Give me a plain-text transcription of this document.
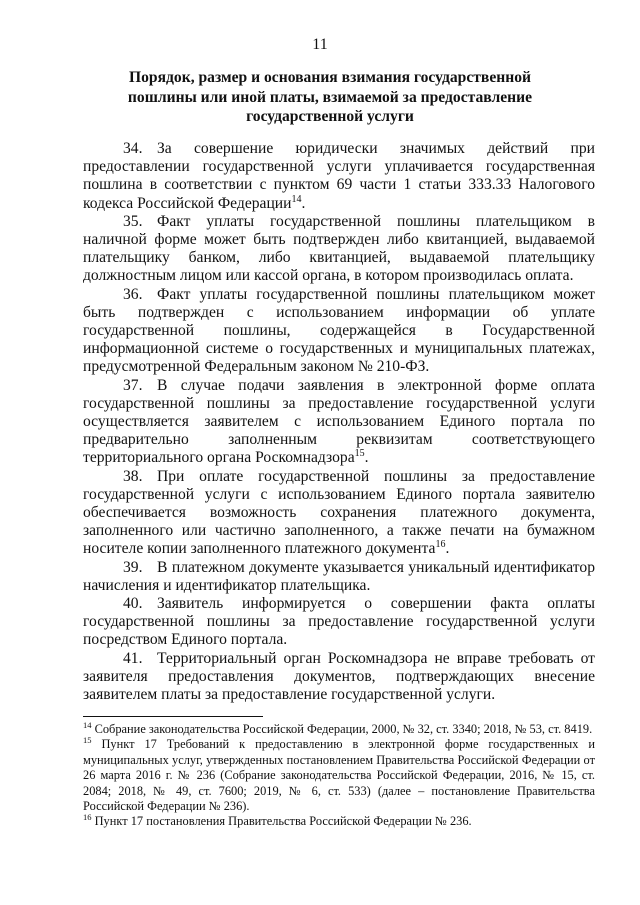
11
Порядок, размер и основания взимания государственной
пошлины или иной платы, взимаемой за предоставление
государственной услуги

34. За совершение юридически значимых действий при предоставлении государственной услуги уплачивается государственная пошлина в соответствии с пунктом 69 части 1 статьи 333.33 Налогового кодекса Российской Федерации$^{14}$.

35. Факт уплаты государственной пошлины плательщиком в наличной форме может быть подтвержден либо квитанцией, выдаваемой плательщику банком, либо квитанцией, выдаваемой плательщику должностным лицом или кассой органа, в котором производилась оплата.

36. Факт уплаты государственной пошлины плательщиком может быть подтвержден с использованием информации об уплате государственной пошлины, содержащейся в Государственной информационной системе о государственных и муниципальных платежах, предусмотренной Федеральным законом № 210-ФЗ.

37. В случае подачи заявления в электронной форме оплата государственной пошлины за предоставление государственной услуги осуществляется заявителем с использованием Единого портала по предварительно заполненным реквизитам соответствующего территориального органа Роскомнадзора$^{15}$.

38. При оплате государственной пошлины за предоставление государственной услуги с использованием Единого портала заявителю обеспечивается возможность сохранения платежного документа, заполненного или частично заполненного, а также печати на бумажном носителе копии заполненного платежного документа$^{16}$.

39. В платежном документе указывается уникальный идентификатор начисления и идентификатор плательщика.

40. Заявитель информируется о совершении факта оплаты государственной пошлины за предоставление государственной услуги посредством Единого портала.

41. Территориальный орган Роскомнадзора не вправе требовать от заявителя предоставления документов, подтверждающих внесение заявителем платы за предоставление государственной услуги.

$^{14}$ Собрание законодательства Российской Федерации, 2000, № 32, ст. 3340; 2018, № 53, ст. 8419.

$^{15}$ Пункт 17 Требований к предоставлению в электронной форме государственных и муниципальных услуг, утвержденных постановлением Правительства Российской Федерации от 26 марта 2016 г. № 236 (Собрание законодательства Российской Федерации, 2016, № 15, ст. 2084; 2018, № 49, ст. 7600; 2019, № 6, ст. 533) (далее – постановление Правительства Российской Федерации № 236).

$^{16}$ Пункт 17 постановления Правительства Российской Федерации № 236.
